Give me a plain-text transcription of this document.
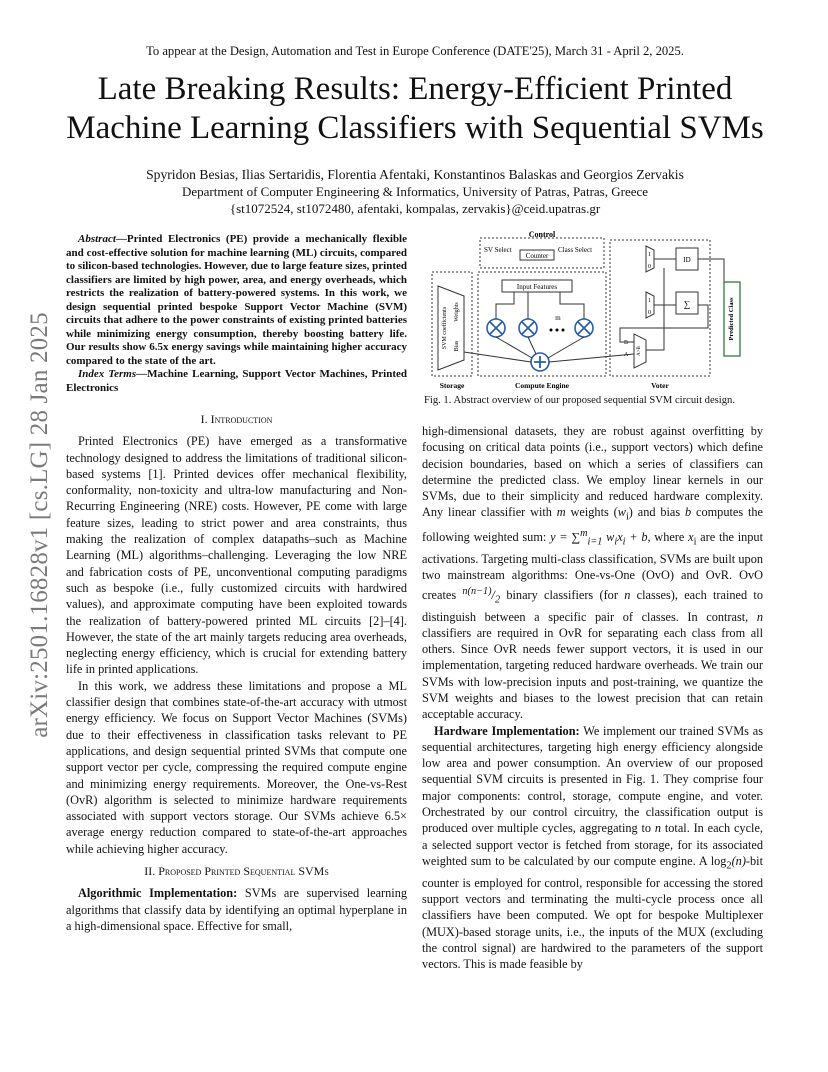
arXiv:2501.16828v1 [cs.LG] 28 Jan 2025
To appear at the Design, Automation and Test in Europe Conference (DATE'25), March 31 - April 2, 2025.
Late Breaking Results: Energy-Efficient Printed
Machine Learning Classifiers with Sequential SVMs
Spyridon Besias, Ilias Sertaridis, Florentia Afentaki, Konstantinos Balaskas and Georgios Zervakis
Department of Computer Engineering & Informatics, University of Patras, Patras, Greece
{st1072524, st1072480, afentaki, kompalas, zervakis}@ceid.upatras.gr

Abstract—Printed Electronics (PE) provide a mechanically flexible and cost-effective solution for machine learning (ML) circuits, compared to silicon-based technologies. However, due to large feature sizes, printed classifiers are limited by high power, area, and energy overheads, which restricts the realization of battery-powered systems. In this work, we design sequential printed bespoke Support Vector Machine (SVM) circuits that adhere to the power constraints of existing printed batteries while minimizing energy consumption, thereby boosting battery life. Our results show 6.5x energy savings while maintaining higher accuracy compared to the state of the art.

Index Terms—Machine Learning, Support Vector Machines, Printed Electronics

I. Introduction

Printed Electronics (PE) have emerged as a transformative technology designed to address the limitations of traditional silicon-based systems [1]. Printed devices offer mechanical flexibility, conformality, non-toxicity and ultra-low manufacturing and Non-Recurring Engineering (NRE) costs. However, PE come with large feature sizes, leading to strict power and area constraints, thus making the realization of complex datapaths–such as Machine Learning (ML) algorithms–challenging. Leveraging the low NRE and fabrication costs of PE, unconventional computing paradigms such as bespoke (i.e., fully customized circuits with hardwired values), and approximate computing have been exploited towards the realization of battery-powered printed ML circuits [2]–[4]. However, the state of the art mainly targets reducing area overheads, neglecting energy efficiency, which is crucial for extending battery life in printed applications.

In this work, we address these limitations and propose a ML classifier design that combines state-of-the-art accuracy with utmost energy efficiency. We focus on Support Vector Machines (SVMs) due to their effectiveness in classification tasks relevant to PE applications, and design sequential printed SVMs that compute one support vector per cycle, compressing the required compute engine and minimizing energy requirements. Moreover, the One-vs-Rest (OvR) algorithm is selected to minimize hardware requirements associated with support vectors storage. Our SVMs achieve 6.5× average energy reduction compared to state-of-the-art approaches while achieving higher accuracy.

II. Proposed Printed Sequential SVMs

Algorithmic Implementation: SVMs are supervised learning algorithms that classify data by identifying an optimal hyperplane in a high-dimensional space. Effective for small,

Control
SV Select
Counter
Class Select
SVM coefficients Weights
Bias
Storage
Input Features
m
Compute Engine
1
0
ID
1
0
∑
A>B
B
A
Predicted Class
Voter
Fig. 1. Abstract overview of our proposed sequential SVM circuit design.

high-dimensional datasets, they are robust against overfitting by focusing on critical data points (i.e., support vectors) which define decision boundaries, based on which a series of classifiers can determine the predicted class. We employ linear kernels in our SVMs, due to their simplicity and reduced hardware complexity. Any linear classifier with m weights $(w_i)$ and bias b computes the following weighted sum: y = ∑$^m_{i=1}$ $w_ix_i + b$, where $x_i$ are the input activations. Targeting multi-class classification, SVMs are built upon two mainstream algorithms: One-vs-One (OvO) and OvR. OvO creates $^{n(n-1)}/_2$ binary classifiers (for n classes), each trained to distinguish between a specific pair of classes. In contrast, n classifiers are required in OvR for separating each class from all others. Since OvR needs fewer support vectors, it is used in our implementation, targeting reduced hardware overheads. We train our SVMs with low-precision inputs and post-training, we quantize the SVM weights and biases to the lowest precision that can retain acceptable accuracy.

Hardware Implementation: We implement our trained SVMs as sequential architectures, targeting high energy efficiency alongside low area and power consumption. An overview of our proposed sequential SVM circuits is presented in Fig. 1. They comprise four major components: control, storage, compute engine, and voter. Orchestrated by our control circuitry, the classification output is produced over multiple cycles, aggregating to n total. In each cycle, a selected support vector is fetched from storage, for its associated weighted sum to be calculated by our compute engine. A $\log_2(n)$-bit counter is employed for control, responsible for accessing the stored support vectors and terminating the multi-cycle process once all classifiers have been computed. We opt for bespoke Multiplexer (MUX)-based storage units, i.e., the inputs of the MUX (excluding the control signal) are hardwired to the parameters of the support vectors. This is made feasible by
